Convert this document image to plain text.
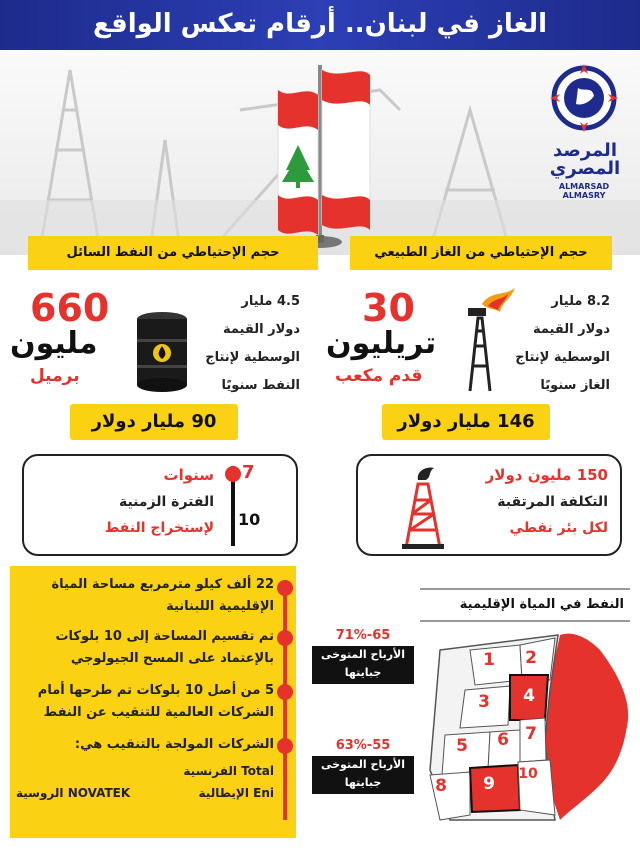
الغاز في لبنان.. أرقام تعكس الواقع
المرصد المصري
ALMARSAD ALMASRY
حجم الإحتياطي من الغاز الطبيعي
حجم الإحتياطي من النفط السائل
30
تريليون
قدم مكعب
8.2 مليار
دولار القيمة
الوسطية لإنتاج
الغاز سنويًا
146 مليار دولار
660
مليون
برميل
4.5 مليار
دولار القيمة
الوسطية لإنتاج
النفط سنويًا
90 مليار دولار
150 مليون دولار
التكلفة المرتقبة
لكل بئر نفطي
7
10
سنوات
الفترة الزمنية
لإستخراج النفط
22 ألف كيلو مترمربع مساحة المياة الإقليمية اللبنانية
تم تقسيم المساحة إلى 10 بلوكات بالإعتماد على المسح الجيولوجي
5 من أصل 10 بلوكات تم طرحها أمام الشركات العالمية للتنقيب عن النفط
الشركات المولجة بالتنقيب هي:
Total الفرنسية
Eni الإيطالية
NOVATEK الروسية
النفط في المياة الإقليمية
1 2
3 4
5 6 7
8 9 10
71%-65
الأرباح المتوخى جبايتها
63%-55
الأرباح المتوخى جبايتها
